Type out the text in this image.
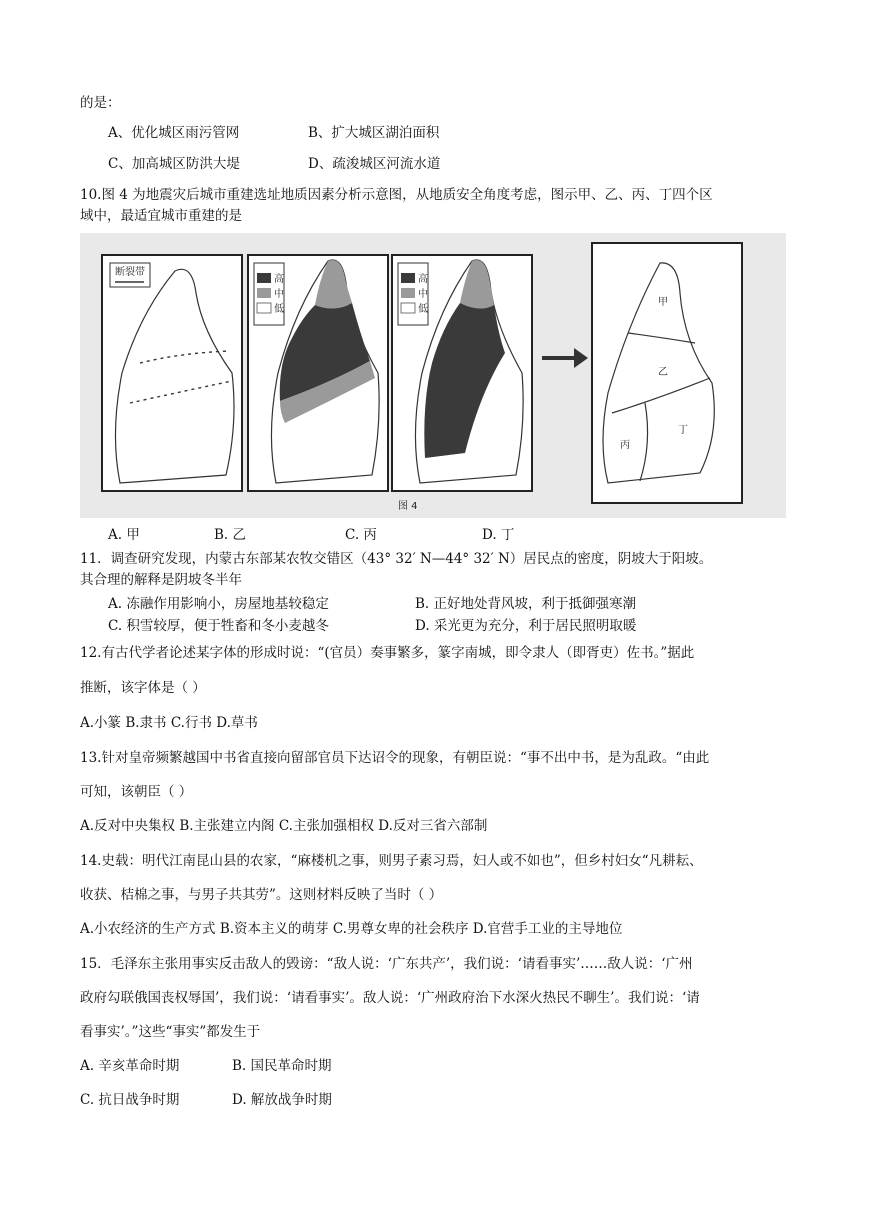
的是：
A、优化城区雨污管网	B、扩大城区湖泊面积
C、加高城区防洪大堤	D、疏浚城区河流水道
10.图 4 为地震灾后城市重建选址地质因素分析示意图，从地质安全角度考虑，图示甲、乙、丙、丁四个区
域中，最适宜城市重建的是
断裂带
高
中
低
高
中
低
甲
乙
丙
丁
图 4
A. 甲	B. 乙	C. 丙	D. 丁
11．调查研究发现，内蒙古东部某农牧交错区（43° 32′ N—44° 32′ N）居民点的密度，阴坡大于阳坡。
其合理的解释是阴坡冬半年
A. 冻融作用影响小，房屋地基较稳定	B. 正好地处背风坡，利于抵御强寒潮
C. 积雪较厚，便于牲畜和冬小麦越冬	D. 采光更为充分，利于居民照明取暖
12.有古代学者论述某字体的形成时说：“(官员）奏事繁多，篆字南城，即令隶人（即胥吏）佐书。”据此
推断，该字体是（ ）
A.小篆 B.隶书 C.行书 D.草书
13.针对皇帝频繁越国中书省直接向留部官员下达诏令的现象，有朝臣说：“事不出中书，是为乱政。“由此
可知，该朝臣（ ）
A.反对中央集权 B.主张建立内阁 C.主张加强相权 D.反对三省六部制
14.史载：明代江南昆山县的农家，“麻楼机之事，则男子素习焉，妇人或不如也”，但乡村妇女“凡耕耘、
收获、桔棉之事，与男子共其劳”。这则材料反映了当时（ ）
A.小农经济的生产方式 B.资本主义的萌芽 C.男尊女卑的社会秩序 D.官营手工业的主导地位
15．毛泽东主张用事实反击敌人的毁谤：“敌人说：‘广东共产’，我们说：‘请看事实’……敌人说：‘广州
政府勾联俄国丧权辱国’，我们说：‘请看事实’。敌人说：‘广州政府治下水深火热民不聊生’。我们说：‘请
看事实’。”这些“事实”都发生于
A. 辛亥革命时期	B. 国民革命时期
C. 抗日战争时期	D. 解放战争时期
